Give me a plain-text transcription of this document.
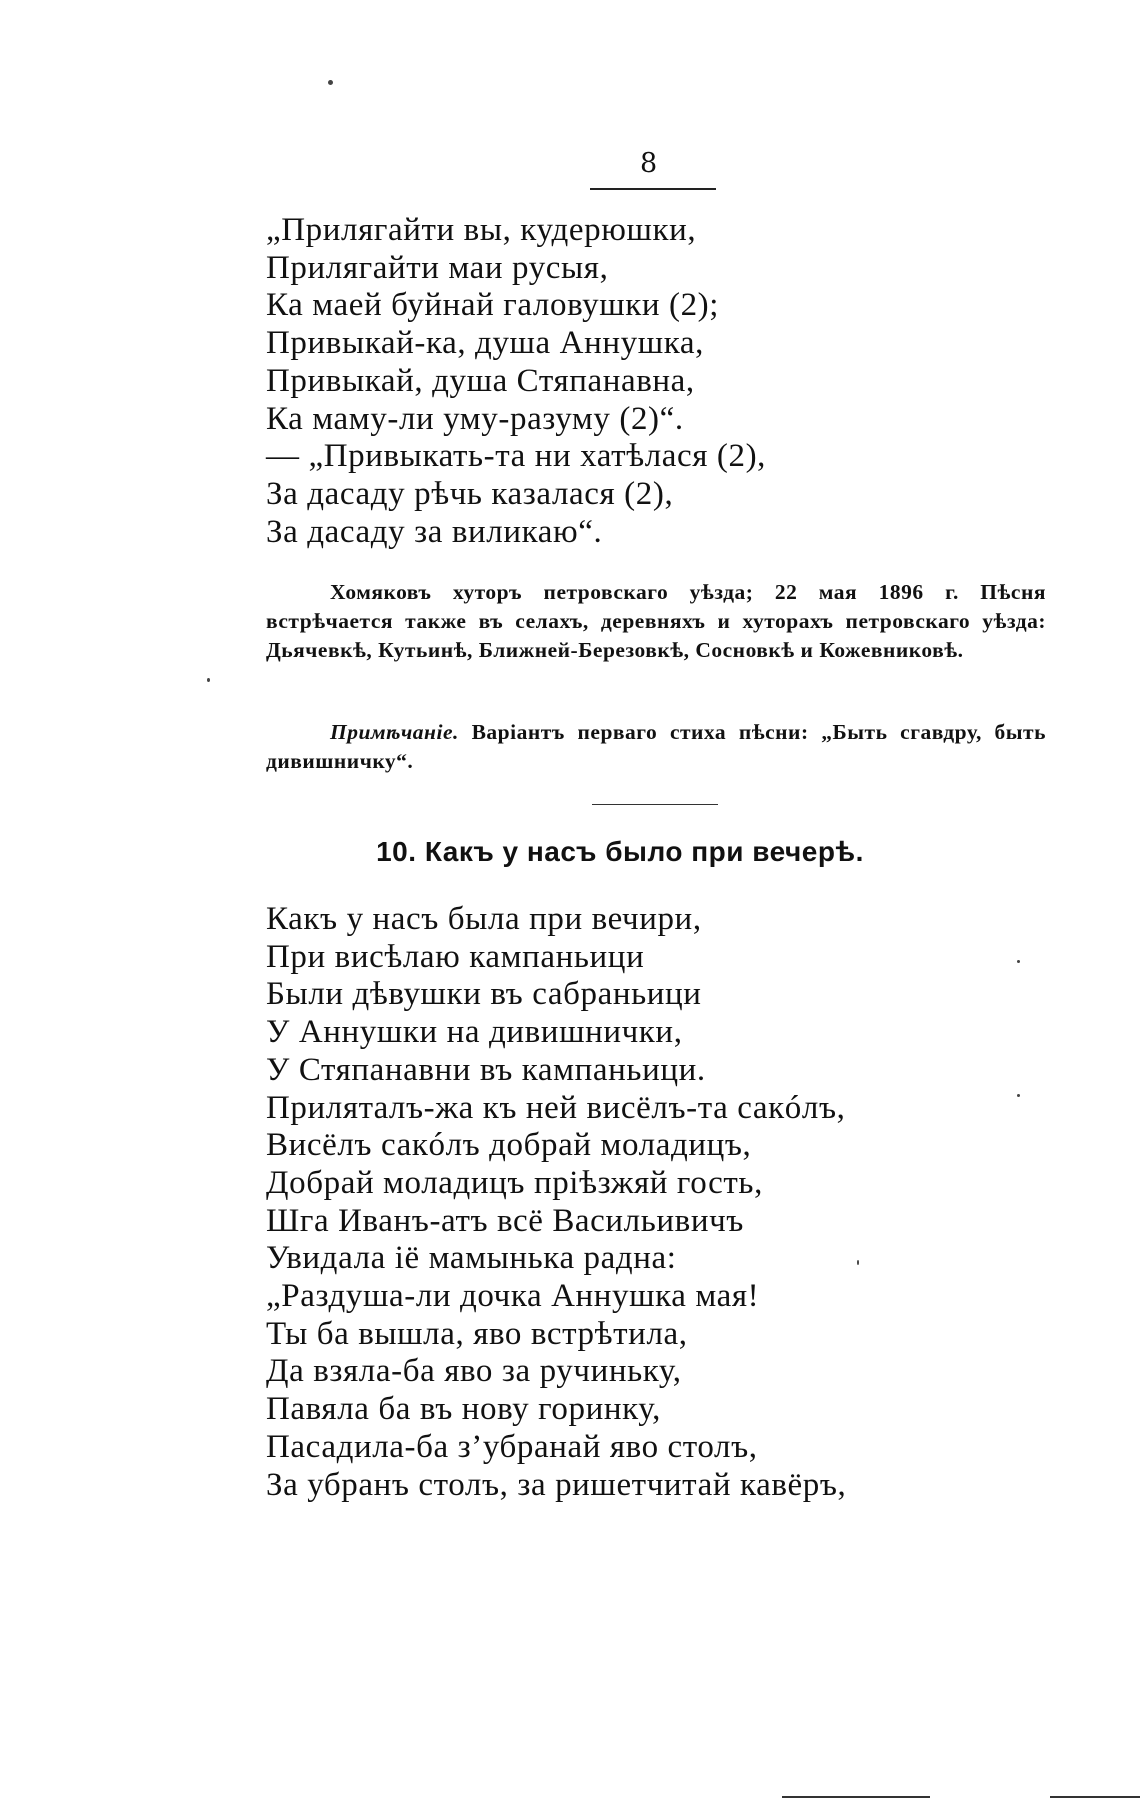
8
„Прилягайти вы, кудерюшки,
Прилягайти маи русыя,
Ка маей буйнай галовушки (2);
Привыкай-ка, душа Аннушка,
Привыкай, душа Стяпанавна,
Ка маму-ли уму-разуму (2)“.
— „Привыкать-та ни хатѣлася (2),
За дасаду рѣчь казалася (2),
За дасаду за виликаю“.
Хомяковъ хуторъ петровскаго уѣзда; 22 мая 1896 г. Пѣсня встрѣчается также въ селахъ, деревняхъ и хуторахъ петровскаго уѣзда: Дьячевкѣ, Кутьинѣ, Ближней-Березовкѣ, Сосновкѣ и Кожевниковѣ.
Примѣчаніе. Варіантъ перваго стиха пѣсни: „Быть сгавдру, быть дивишничку“.
10. Какъ у насъ было при вечерѣ.
Какъ у насъ была при вечири,
При висѣлаю кампаньици
Были дѣвушки въ сабраньици
У Аннушки на дивишнички,
У Стяпанавни въ кампаньици.
Прилятaлъ-жа къ ней висёлъ-та сакóлъ,
Висёлъ сакóлъ добрай моладицъ,
Добрай моладицъ пріѣзжяй гость,
Шга Иванъ-атъ всё Васильивичъ
Увидала іё мамынька радна:
„Раздуша-ли дочка Аннушка мая!
Ты ба вышла, яво встрѣтила,
Да взяла-ба яво за ручиньку,
Павяла ба въ нову горинку,
Пасадила-ба з’убранай яво столъ,
За убранъ столъ, за ришетчитай кавёръ,
